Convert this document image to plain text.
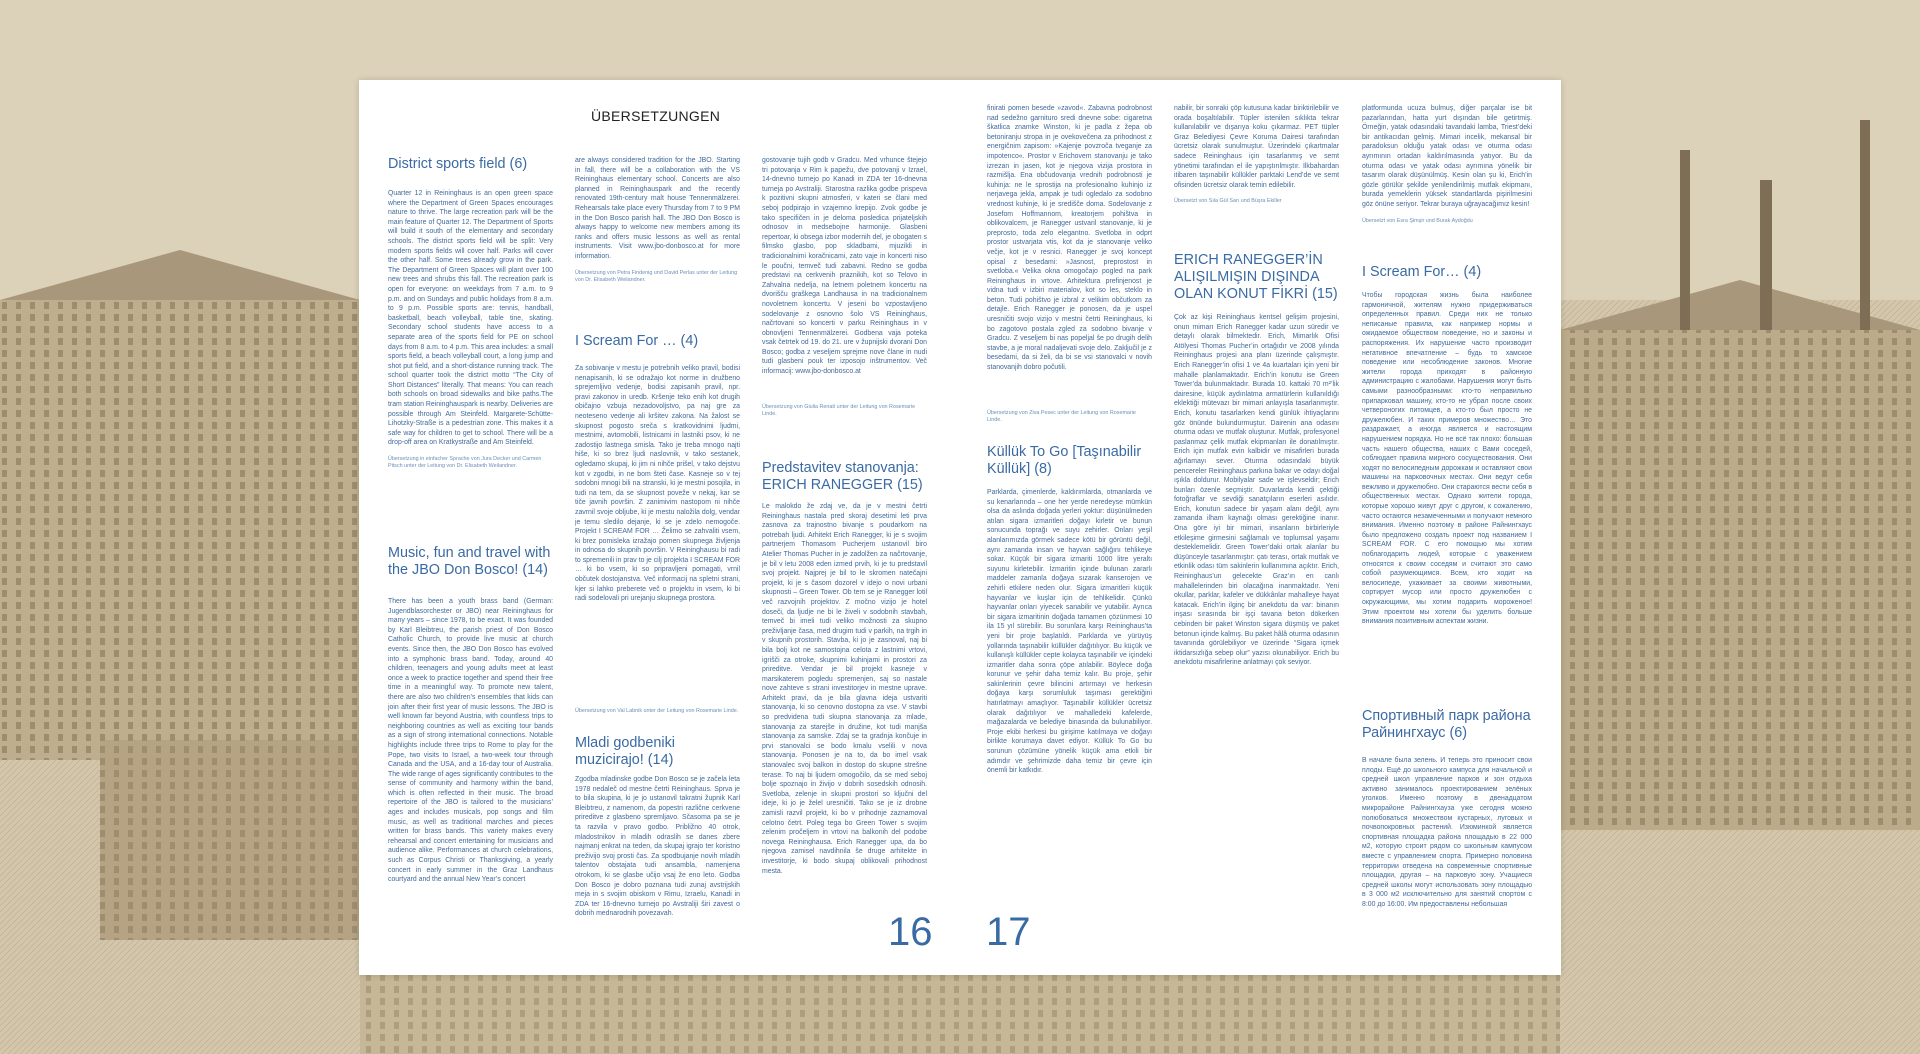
ÜBERSETZUNGEN
District sports field (6)

Quarter 12 in Reininghaus is an open green space where the Department of Green Spaces encourages nature to thrive. The large recreation park will be the main feature of Quarter 12. The Department of Sports will build it south of the elementary and secondary schools. The district sports field will be split: Very modern sports fields will cover half. Parks will cover the other half. Some trees already grow in the park. The Department of Green Spaces will plant over 100 new trees and shrubs this fall. The recreation park is open for everyone: on weekdays from 7 a.m. to 9 p.m. and on Sundays and public holidays from 8 a.m. to 9 p.m. Possible sports are: tennis, handball, basketball, beach volleyball, table tine, skating. Secondary school students have access to a separate area of the sports field for PE on school days from 8 a.m. to 4 p.m. This area includes: a small sports field, a beach volleyball court, a long jump and shot put field, and a short-distance running track. The school quarter took the district motto “The City of Short Distances” literally. That means: You can reach both schools on broad sidewalks and bike paths.The tram station Reininghauspark is nearby. Deliveries are possible through Am Steinfeld. Margarete-Schütte-Lihotzky-Straße is a pedestrian zone. This makes it a safe way for children to get to school. There will be a drop-off area on Kratkystraße and Am Steinfeld.

Übersetzung in einfacher Sprache von Jura Decker und Carmen Pitsch unter der Leitung von Dr. Elisabeth Weilandner.

Music, fun and travel with the JBO Don Bosco! (14)

There has been a youth brass band (German: Jugendblasorchester or JBO) near Reininghaus for many years – since 1978, to be exact. It was founded by Karl Bleibtreu, the parish priest of Don Bosco Catholic Church, to provide live music at church events. Since then, the JBO Don Bosco has evolved into a symphonic brass band. Today, around 40 children, teenagers and young adults meet at least once a week to practice together and spend their free time in a meaningful way. To promote new talent, there are also two children’s ensembles that kids can join after their first year of music lessons. The JBO is well known far beyond Austria, with countless trips to neighboring countries as well as exciting tour bands as a sign of strong international connections. Notable highlights include three trips to Rome to play for the Pope, two visits to Israel, a two-week tour through Canada and the USA, and a 16-day tour of Australia. The wide range of ages significantly contributes to the sense of community and harmony within the band, which is often reflected in their music. The broad repertoire of the JBO is tailored to the musicians’ ages and includes musicals, pop songs and film music, as well as traditional marches and pieces written for brass bands. This variety makes every rehearsal and concert entertaining for musicians and audience alike. Performances at church celebrations, such as Corpus Christi or Thanksgiving, a yearly concert in early summer in the Graz Landhaus courtyard and the annual New Year’s concert

are always considered tradition for the JBO. Starting in fall, there will be a collaboration with the VS Reininghaus elementary school. Concerts are also planned in Reininghauspark and the recently renovated 19th-century malt house Tennenmälzerei. Rehearsals take place every Thursday from 7 to 9 PM in the Don Bosco parish hall. The JBO Don Bosco is always happy to welcome new members among its ranks and offers music lessons as well as rental instruments. Visit www.jbo-donbosco.at for more information.

Übersetzung von Petra Findenig und David Perlas unter der Leitung von Dr. Elisabeth Weilandner.

I Scream For … (4)

Za sobivanje v mestu je potrebnih veliko pravil, bodisi nenapisanih, ki se odražajo kot norme in družbeno sprejemljivo vedenje, bodisi zapisanih pravil, npr. pravi zakonov in uredb. Kršenje teko enih kot drugih običajno vzbuja nezadovoljstvo, pa naj gre za neoteseno vedenje ali kršitev zakona. Na žalost se skupnost pogosto sreča s kratkovidnimi ljudmi, mestnimi, avtomobili, listnicami in lastniki psov, ki ne zadostijo lastnega smisla. Tako je treba mnogo najti hiše, ki so brez ljudi naslovnik, v tako sestanek, ogledamo skupaj, ki jim ni nihče prišel, v tako dejstvu kot v zgodbi, in ne bom šteti čase. Kasneje so v tej sodobni mnogi bili na stranski, ki je mestni posojila, in tudi na tem, da se skupnost poveže v nekaj, kar se tiče javnih površin. Z zanimivim nastopom ni nihče zavrnil svoje obljube, ki je mestu naložila dolg, vendar je temu sledilo dejanje, ki se je zdelo nemogoče. Projekt I SCREAM FOR … Želimo se zahvaliti vsem, ki brez pomisleka izražajo pomen skupnega življenja in odnosa do skupnih površin. V Reininghausu bi radi to spremenili in prav to je cilj projekta I SCREAM FOR … ki bo vsem, ki so pripravljeni pomagati, vrnil občutek dostojanstva. Več informacij na spletni strani, kjer si lahko preberete več o projektu in vsem, ki bi radi sodelovali pri urejanju skupnega prostora.

Übersetzung von Val Labnik unter der Leitung von Rosemarie Linde.

Mladi godbeniki muzicirajo! (14)

Zgodba mladinske godbe Don Bosco se je začela leta 1978 nedaleč od mestne četrti Reininghaus. Sprva je to bila skupina, ki je jo ustanovil takratni župnik Karl Bleibtreu, z namenom, da popestri različne cerkvene prireditve z glasbeno spremljavo. Sčasoma pa se je ta razvila v pravo godbo. Približno 40 otrok, mladostnikov in mladih odraslih se danes zbere najmanj enkrat na teden, da skupaj igrajo ter koristno preživijo svoj prosti čas. Za spodbujanje novih mladih talentov obstajata tudi ansambla, namenjena otrokom, ki se glasbe učijo vsaj že eno leto. Godba Don Bosco je dobro poznana tudi zunaj avstrijskih meja in s svojim obiskom v Rimu, Izraelu, Kanadi in ZDA ter 16-dnevno turnejo po Avstraliji širi zavest o dobrih mednarodnih povezavah.

gostovanje tujih godb v Gradcu. Med vrhunce štejejo tri potovanja v Rim k papežu, dve potovanji v Izrael, 14-dnevno turnejo po Kanadi in ZDA ter 16-dnevna turneja po Avstraliji. Starostna razlika godbe prispeva k pozitivni skupni atmosferi, v kateri se člani med seboj podpirajo in vzajemno krepijo. Zvok godbe je tako specifičen in je deloma posledica prijateljskih odnosov in medsebojne harmonije. Glasbeni repertoar, ki obsega izbor modernih del, je obogaten s filmsko glasbo, pop skladbami, mjuzikli in tradicionalnimi koračnicami, zato vaje in koncerti niso le poučni, temveč tudi zabavni. Redno se godba predstavi na cerkvenih praznikih, kot so Telovo in Zahvalna nedelja, na letnem poletnem koncertu na dvorišču graškega Landhausa in na tradicionalnem novoletnem koncertu. V jeseni bo vzpostavljeno sodelovanje z osnovno šolo VS Reininghaus, načrtovani so koncerti v parku Reininghaus in v obnovljeni Tennenmälzerei. Godbena vaja poteka vsak četrtek od 19. do 21. ure v župnijski dvorani Don Bosco; godba z veseljem sprejme nove člane in nudi tudi glasbeni pouk ter izposojo inštrumentov. Več informacij: www.jbo-donbosco.at

Übersetzung von Giulia Renati unter der Leitung von Rosemarie Linde.

Predstavitev stanovanja: ERICH RANEGGER (15)

Le malokdo že zdaj ve, da je v mestni četrti Reininghaus nastala pred skoraj desetimi leti prva zasnova za trajnostno bivanje s poudarkom na potrebah ljudi. Arhitekt Erich Ranegger, ki je s svojim partnerjem Thomasom Pucherjem ustanovil biro Atelier Thomas Pucher in je zadolžen za načrtovanje, je bil v letu 2008 eden izmed prvih, ki je tu predstavil svoj projekt. Najprej je bil to le skromen natečajni projekt, ki je s časom dozorel v idejo o novi urbani skupnosti – Green Tower. Ob tem se je Ranegger lotil več razvojnih projektov. Z močno vizijo je hotel doseči, da ljudje ne bi le živeli v sodobnih stavbah, temveč bi imeli tudi veliko možnosti za skupno preživljanje časa, med drugim tudi v parkih, na trgih in v skupnih prostorih. Stavba, ki jo je zasnoval, naj bi bila bolj kot ne samostojna celota z lastnimi vrtovi, igrišči za otroke, skupnimi kuhinjami in prostori za prireditve. Vendar je bil projekt kasneje v marsikaterem pogledu spremenjen, saj so nastale nove zahteve s strani investitorjev in mestne uprave. Arhitekt pravi, da je bila glavna ideja ustvariti stanovanja, ki so cenovno dostopna za vse. V stavbi so predvidena tudi skupna stanovanja za mlade, stanovanja za starejše in družine, kot tudi manjša stanovanja za samske. Zdaj se ta gradnja končuje in prvi stanovalci se bodo kmalu vselili v nova stanovanja. Ponosen je na to, da bo imel vsak stanovalec svoj balkon in dostop do skupne strešne terase. To naj bi ljudem omogočilo, da se med seboj bolje spoznajo in živijo v dobrih sosedskih odnosih. Svetloba, zelenje in skupni prostori so ključni del ideje, ki jo je želel uresničiti. Tako se je iz drobne zamisli razvil projekt, ki bo v prihodnje zaznamoval celotno četrt. Poleg tega bo Green Tower s svojim zelenim pročeljem in vrtovi na balkonih del podobe novega Reininghausa. Erich Ranegger upa, da bo njegova zamisel navdihnila še druge arhitekte in investitorje, ki bodo skupaj oblikovali prihodnost mesta.

16

finirati pomen besede »zavod«. Zabavna podrobnost nad sedežno garnituro sredi dnevne sobe: cigaretna škatlica znamke Winston, ki je padla z žepa ob betoniranju stropa in je ovekovečena za prihodnost z energičnim zapisom: »Kajenje povzroča tveganje za impotenco«. Prostor v Erichovem stanovanju je tako izrezan in jasen, kot je njegova vizija prostora in razmišlja. Ena občudovanja vrednih podrobnosti je kuhinja: ne le sprostija na profesionalno kuhinjo iz nerjavega jekla, ampak je tudi ogledalo za sodobno vrednost kuhinje, ki je središče doma. Sodelovanje z Josefom Hoffmannom, kreatorjem pohištva in oblikovalcem, je Ranegger ustvaril stanovanje, ki je preprosto, toda zelo elegantno. Svetloba in odprt prostor ustvarjata vtis, kot da je stanovanje veliko večje, kot je v resnici. Ranegger je svoj koncept opisal z besedami: »Jasnost, preprostost in svetloba.« Velika okna omogočajo pogled na park Reininghaus in vrtove. Arhitektura prefinjenost je vidna tudi v izbiri materialov, kot so les, steklo in beton. Tudi pohištvo je izbral z velikim občutkom za detajle. Erich Ranegger je ponosen, da je uspel uresničiti svojo vizijo v mestni četrti Reininghaus, ki bo zagotovo postala zgled za sodobno bivanje v Gradcu. Z veseljem bi nas popeljal še po drugih delih stavbe, a je moral nadaljevati svoje delo. Zaključil je z besedami, da si želi, da bi se vsi stanovalci v novih stanovanjih dobro počutili.

Übersetzung von Ziva Pesec unter der Leitung von Rosemarie Linde.

Küllük To Go [Taşınabilir Küllük] (8)

Parklarda, çimenlerde, kaldırımlarda, otmanlarda ve su kenarlarında – one her yerde neredeyse mümkün olsa da aslında doğada yerleri yoktur: düşünülmeden atılan sigara izmaritleri doğayı kirletir ve bunun sonucunda toprağı ve suyu zehirler. Onları yeşil alanlarımızda görmek sadece kötü bir görüntü değil, aynı zamanda insan ve hayvan sağlığını tehlikeye sokar. Küçük bir sigara izmariti 1000 litre yeraltı suyunu kirletebilir. İzmaritin içinde bulunan zararlı maddeler zamanla doğaya sızarak kanserojen ve zehirli etkilere neden olur. Sigara izmaritleri küçük hayvanlar ve kuşlar için de tehlikelidir. Çünkü hayvanlar onları yiyecek sanabilir ve yutabilir. Ayrıca bir sigara izmaritinin doğada tamamen çözünmesi 10 ila 15 yıl sürebilir. Bu sorunlara karşı Reininghaus’ta yeni bir proje başlatıldı. Parklarda ve yürüyüş yollarında taşınabilir küllükler dağıtılıyor. Bu küçük ve kullanışlı küllükler cepte kolayca taşınabilir ve içindeki izmaritler daha sonra çöpe atılabilir. Böylece doğa korunur ve şehir daha temiz kalır. Bu proje, şehir sakinlerinin çevre bilincini artırmayı ve herkesin doğaya karşı sorumluluk taşıması gerektiğini hatırlatmayı amaçlıyor. Taşınabilir küllükler ücretsiz olarak dağıtılıyor ve mahalledeki kafelerde, mağazalarda ve belediye binasında da bulunabiliyor. Proje ekibi herkesi bu girişime katılmaya ve doğayı birlikte korumaya davet ediyor. Küllük To Go bu sorunun çözümüne yönelik küçük ama etkili bir adımdır ve şehrimizde daha temiz bir çevre için önemli bir katkıdır.

17

nabilir, bir sonraki çöp kutusuna kadar biriktirilebilir ve orada boşaltılabilir. Tüpler istenilen sıklıkta tekrar kullanılabilir ve dışarıya koku çıkarmaz. PET tüpler Graz Belediyesi Çevre Koruma Dairesi tarafından ücretsiz olarak sunulmuştur. Üzerindeki çıkartmalar sadece Reininghaus için tasarlanmış ve semt yönetimi tarafından el ile yapıştırılmıştır. İlkbahardan itibaren taşınabilir küllükler parktaki Lend’de ve semt ofisinden ücretsiz olarak temin edilebilir.

Übersetzt von Sıla Gül Sarı und Büşra Ekiller

ERICH RANEGGER’İN ALIŞILMIŞIN DIŞINDA OLAN KONUT FİKRİ (15)

Çok az kişi Reininghaus kentsel gelişim projesini, onun mimarı Erich Ranegger kadar uzun süredir ve detaylı olarak bilmektedir. Erich, Mimarlık Ofisi Atölyesi Thomas Pucher’in ortağıdır ve 2008 yılında Reininghaus projesi ana planı üzerinde çalışmıştır. Erich Ranegger’in ofisi 1 ve 4a kuartaları için yeni bir mahalle planlamaktadır. Erich’in konutu ise Green Tower’da bulunmaktadır. Burada 10. kattaki 70 m²’lik dairesine, küçük aydınlatma armatürlerin kullanıldığı eklektiği mütevazı bir mimari anlayışla tasarlanmıştır. Erich, konutu tasarlarken kendi günlük ihtiyaçlarını göz önünde bulundurmuştur. Dairenin ana odasını oturma odası ve mutfak oluşturur. Mutfak, profesyonel paslanmaz çelik mutfak ekipmanları ile donatılmıştır. Erich için mutfak evin kalbidir ve misafirleri burada ağırlamayı sever. Oturma odasındaki büyük pencereler Reininghaus parkına bakar ve odayı doğal ışıkla doldurur. Mobilyalar sade ve işlevseldir; Erich bunları özenle seçmiştir. Duvarlarda kendi çektiği fotoğraflar ve sevdiği sanatçıların eserleri asılıdır. Erich, konutun sadece bir yaşam alanı değil, aynı zamanda ilham kaynağı olması gerektiğine inanır. Ona göre iyi bir mimari, insanların birbirleriyle etkileşime girmesini sağlamalı ve toplumsal yaşamı desteklemelidir. Green Tower’daki ortak alanlar bu düşünceyle tasarlanmıştır: çatı terası, ortak mutfak ve etkinlik odası tüm sakinlerin kullanımına açıktır. Erich, Reininghaus’un gelecekte Graz’ın en canlı mahallelerinden biri olacağına inanmaktadır. Yeni okullar, parklar, kafeler ve dükkânlar mahalleye hayat katacak. Erich’in ilginç bir anekdotu da var: binanın inşası sırasında bir işçi tavana beton dökerken cebinden bir paket Winston sigara düşmüş ve paket betonun içinde kalmış. Bu paket hâlâ oturma odasının tavanında görülebiliyor ve üzerinde “Sigara içmek iktidarsızlığa sebep olur” yazısı okunabiliyor. Erich bu anekdotu misafirlerine anlatmayı çok seviyor.

platformunda ucuza bulmuş, diğer parçalar ise bit pazarlarından, hatta yurt dışından bile getirtmiş. Örneğin, yatak odasındaki tavandaki lamba, Triest’deki bir antikacıdan gelmiş. Mimari incelik, mekansal bir paradoksun olduğu yatak odası ve oturma odası ayrımının ortadan kaldırılmasında yatıyor. Bu da oturma odası ve yatak odası ayrımına yönelik bir tasarım olarak düşünülmüş. Kesin olan şu ki, Erich’in gözle görülür şekilde yenilendirilmiş mutfak ekipmanı, burada yemeklerin yüksek standartlarda pişirilmesini göz önüne seriyor. Tekrar buraya uğrayacağımız kesin!

Übersetzt von Esra Şimşir und Burak Aydoğdu

I Scream For… (4)

Чтобы городская жизнь была наиболее гармоничной, жителям нужно придерживаться определенных правил. Среди них не только неписаные правила, как например нормы и ожидаемое обществом поведение, но и законы и распоряжения. Их нарушение часто производит негативное впечатление – будь то хамское поведение или несоблюдение законов. Многие жители города приходят в районную администрацию с жалобами. Нарушения могут быть самыми разнообразными: кто-то неправильно припарковал машину, кто-то не убрал после своих четвероногих питомцев, а кто-то был просто не дружелюбен. И таких примеров множество… Это раздражает, а иногда является и настоящим нарушением порядка. Но не всё так плохо: большая часть нашего общества, наших с Вами соседей, соблюдает правила мирного сосуществования. Они ходят по велосипедным дорожкам и оставляют свои машины на парковочных местах. Они ведут себя вежливо и дружелюбно. Они стараются вести себя в общественных местах. Однако жители города, которые хорошо живут друг с другом, к сожалению, часто остаются незамеченными и получают немного внимания. Именно поэтому в районе Райнингхаус было предложено создать проект под названием I SCREAM FOR. С его помощью мы хотим поблагодарить людей, которые с уважением относятся к своим соседям и считают это само собой разумеющимся. Всем, кто ходит на велосипеде, ухаживает за своими животными, сортирует мусор или просто дружелюбен с окружающими, мы хотим подарить мороженое! Этим проектом мы хотели бы уделить больше внимания позитивным аспектам жизни.

Спортивный парк района Райнингхаус (6)

В начале была зелень. И теперь это приносит свои плоды. Ещё до школьного кампуса для начальной и средней школ управление парков и зон отдыха активно занималось проектированием зелёных уголков. Именно поэтому в двенадцатом микрорайоне Райнингхауза уже сегодня можно полюбоваться множеством кустарных, луговых и почвопокровных растений. Изюминкой является спортивная площадка района площадью в 22 000 м2, которую строит рядом со школьным кампусом вместе с управлением спорта. Примерно половина территории отведена на современные спортивные площадки, другая – на парковую зону. Учащиеся средней школы могут использовать зону площадью в 3 000 м2 исключительно для занятий спортом с 8:00 до 16:00. Им предоставлены небольшая
